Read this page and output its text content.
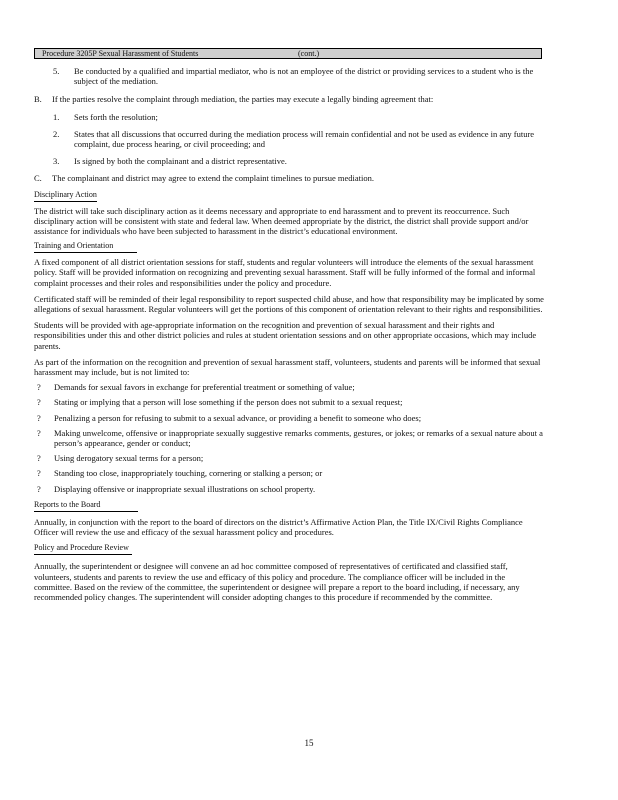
Procedure 3205P Sexual Harassment of Students	(cont.)
5. Be conducted by a qualified and impartial mediator, who is not an employee of the district or providing services to a student who is the subject of the mediation.

B. If the parties resolve the complaint through mediation, the parties may execute a legally binding agreement that:

1. Sets forth the resolution;

2. States that all discussions that occurred during the mediation process will remain confidential and not be used as evidence in any future complaint, due process hearing, or civil proceeding; and

3. Is signed by both the complainant and a district representative.

C. The complainant and district may agree to extend the complaint timelines to pursue mediation.

Disciplinary Action

The district will take such disciplinary action as it deems necessary and appropriate to end harassment and to prevent its reoccurrence. Such disciplinary action will be consistent with state and federal law. When deemed appropriate by the district, the district shall provide support and/or assistance for individuals who have been subjected to harassment in the district’s educational environment.

Training and Orientation

A fixed component of all district orientation sessions for staff, students and regular volunteers will introduce the elements of the sexual harassment policy. Staff will be provided information on recognizing and preventing sexual harassment. Staff will be fully informed of the formal and informal complaint processes and their roles and responsibilities under the policy and procedure.

Certificated staff will be reminded of their legal responsibility to report suspected child abuse, and how that responsibility may be implicated by some allegations of sexual harassment. Regular volunteers will get the portions of this component of orientation relevant to their rights and responsibilities.

Students will be provided with age-appropriate information on the recognition and prevention of sexual harassment and their rights and responsibilities under this and other district policies and rules at student orientation sessions and on other appropriate occasions, which may include parents.

As part of the information on the recognition and prevention of sexual harassment staff, volunteers, students and parents will be informed that sexual harassment may include, but is not limited to:

? Demands for sexual favors in exchange for preferential treatment or something of value;

? Stating or implying that a person will lose something if the person does not submit to a sexual request;

? Penalizing a person for refusing to submit to a sexual advance, or providing a benefit to someone who does;

? Making unwelcome, offensive or inappropriate sexually suggestive remarks comments, gestures, or jokes; or remarks of a sexual nature about a person’s appearance, gender or conduct;

? Using derogatory sexual terms for a person;

? Standing too close, inappropriately touching, cornering or stalking a person; or

? Displaying offensive or inappropriate sexual illustrations on school property.

Reports to the Board

Annually, in conjunction with the report to the board of directors on the district’s Affirmative Action Plan, the Title IX/Civil Rights Compliance Officer will review the use and efficacy of the sexual harassment policy and procedures.

Policy and Procedure Review

Annually, the superintendent or designee will convene an ad hoc committee composed of representatives of certificated and classified staff, volunteers, students and parents to review the use and efficacy of this policy and procedure. The compliance officer will be included in the committee. Based on the review of the committee, the superintendent or designee will prepare a report to the board including, if necessary, any recommended policy changes. The superintendent will consider adopting changes to this procedure if recommended by the committee.

15
